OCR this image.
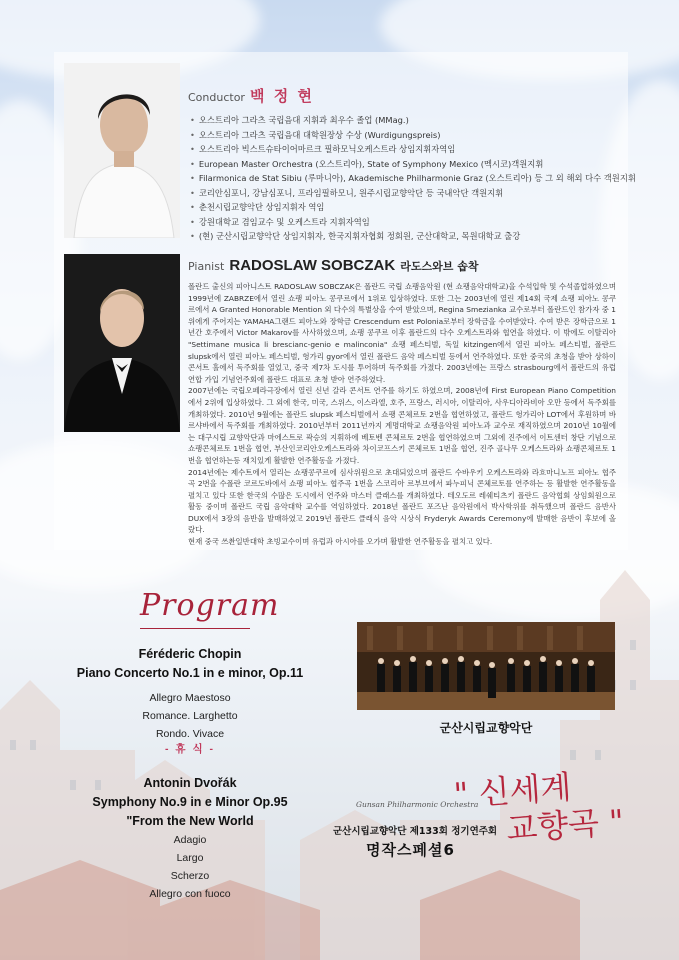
Conductor 백 정 현
• 오스트리아 그라츠 국립음대 지휘과 최우수 졸업 (MMag.)
• 오스트리아 그라츠 국립음대 대학원장상 수상 (Wurdigungspreis)
• 오스트리아 빅스트슈타이어마르크 필하모닉오케스트라 상임지휘자역임
• European Master Orchestra (오스트리아), State of Symphony Mexico (멕시코)객원지휘
• Filarmonica de Stat Sibiu (루마니아), Akademische Philharmonie Graz (오스트리아) 등 그 외 해외 다수 객원지휘
• 코리안심포니, 강남심포니, 프라임필하모니, 원주시립교향악단 등 국내악단 객원지휘
• 춘천시립교향악단 상임지휘자 역임
• 강원대학교 겸임교수 및 오케스트라 지휘자역임
• (현) 군산시립교향악단 상임지휘자, 한국지휘자협회 정회원, 군산대학교, 목원대학교 출강
Pianist RADOSLAW SOBCZAK 라도스와브 솝착

폴란드 출신의 피아니스트 RADOSLAW SOBCZAK은 폴란드 국립 쇼팽음악원 (현 쇼팽음악대학교)을 수석입학 및 수석졸업하였으며 1999년에 ZABRZE에서 열린 쇼팽 피아노 콩쿠르에서 1위로 입상하였다. 또한 그는 2003년에 열린 제14회 국제 쇼팽 피아노 콩쿠르에서 A Granted Honorable Mention 외 다수의 특별상을 수여 받았으며, Regina Smezianka 교수로부터 폴란드인 참가자 중 1위에게 주어지는 YAMAHA그랜드 피아노와 장학금 Crescendum est Polonia로부터 장학금을 수여받았다. 수여 받은 장학금으로 1년간 호주에서 Victor Makarov를 사사하였으며, 쇼팽 콩쿠르 이후 폴란드의 다수 오케스트라와 협연을 하였다. 이 밖에도 이탈리아 "Settimane musica li brescianc-genio e malinconia" 쇼팽 페스티벌, 독일 kitzingen에서 열린 피아노 페스티벌, 폴란드 slupsk에서 열린 피아노 페스티벌, 헝가리 gyor에서 열린 폴란드 음악 페스티벌 등에서 연주하였다. 또한 중국의 초청을 받아 상하이 콘서트 홀에서 독주회를 열었고, 중국 제7차 도시를 투어하며 독주회를 가졌다. 2003년에는 프랑스 strasbourg에서 폴란드의 유럽연합 가입 기념연주회에 폴란드 대표로 초청 받아 연주하였다.

2007년에는 국립오페라극장에서 열린 신년 갈라 콘서트 연주를 하기도 하였으며, 2008년에 First European Piano Competition에서 2위에 입상하였다. 그 외에 한국, 미국, 스위스, 이스라엘, 호주, 프랑스, 러시아, 이탈리아, 사우디아라비아 오만 등에서 독주회를 개최하였다. 2010년 9월에는 폴란드 slupsk 페스티벌에서 쇼팽 콘체르토 2번을 협연하였고, 폴란드 헝가리아 LOT에서 후원하며 바르샤바에서 독주회를 개최하였다. 2010년부터 2011년까지 계명대학교 쇼팽음악원 피아노과 교수로 재직하였으며 2010년 10월에는 대구시립 교향악단과 마에스트로 곽승의 지휘하에 베토벤 콘체르토 2번을 협연하였으며 그외에 진주에서 이트센터 창단 기념으로 쇼팽콘체르토 1번을 협연, 부산인코리안오케스트라와 차이코프스키 콘체르토 1번을 협연, 진주 골나무 오케스트라와 쇼팽콘체르토 1번을 협연하는등 재치있게 활발한 연주활동을 가졌다.

2014년에는 제수트에서 열리는 쇼팽콩쿠르에 심사위원으로 초대되었으며 폴란드 수바우키 오케스트라와 라흐마니노프 피아노 협주곡 2번을 수폴란 코르도바에서 쇼팽 피아노 협주곡 1번을 스코리아 르부브에서 파누피닉 콘체르토를 연주하는 등 활발한 연주활동을 펼치고 있다 또한 한국의 수많은 도시에서 연주와 마스터 클래스를 개최하였다. 테오도르 레쉐티츠키 폴란드 음악협회 상임회원으로 활동 중이며 폴란드 국립 음악대학 교수를 역임하였다. 2018년 폴란드 포즈난 음악원에서 박사학위를 취득했으며 폴란드 음반사 DUX에서 3장의 음반을 발매하였고 2019년 폴란드 클래식 음악 시상식 Fryderyk Awards Ceremony에 발매한 음반이 후보에 올랐다.

현재 중국 쓰촨일반대학 초빙교수이며 유럽과 아시아를 오가며 활발한 연주활동을 펼치고 있다.

Program
Féréderic Chopin
Piano Concerto No.1 in e minor, Op.11
Allegro Maestoso
Romance. Larghetto
Rondo. Vivace
- 휴 식 -
Antonin Dvořák
Symphony No.9 in e Minor Op.95
"From the New World
Adagio
Largo
Scherzo
Allegro con fuoco
군산시립교향악단
Gunsan Philharmonic Orchestra
군산시립교향악단 제133회 정기연주회
명작스페셜6
" 신세계
교향곡 "
